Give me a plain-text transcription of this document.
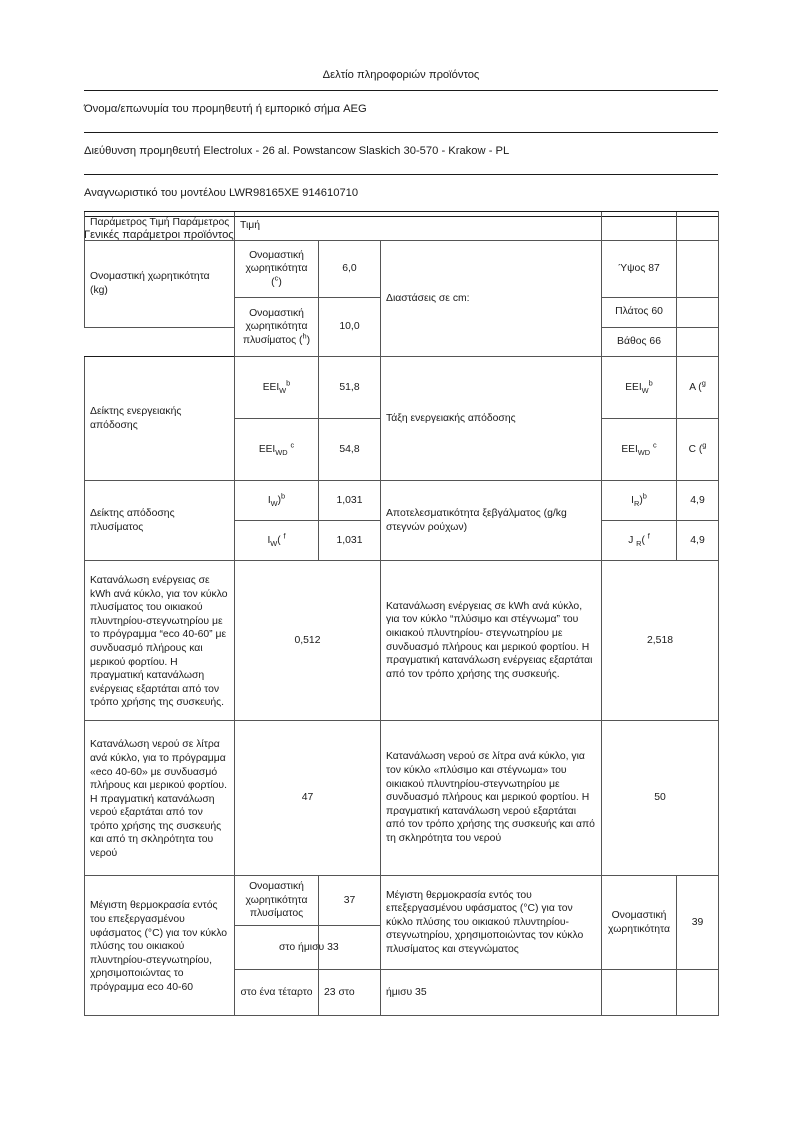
Δελτίο πληροφοριών προϊόντος
Όνομα/επωνυμία του προμηθευτή ή εμπορικό σήμα AEG
Διεύθυνση προμηθευτή Electrolux - 26 al. Powstancow Slaskich 30-570 - Krakow - PL
Αναγνωριστικό του μοντέλου LWR98165XE 914610710
Γενικές παράμετροι προϊόντος
Παράμετρος Τιμή Παράμετρος	Τιμή				
Ονομαστική χωρητικότητα (kg)	Ονομαστική χωρητικότητα ($^c$)	6,0	Διαστάσεις σε cm:	Ύψος 87	
	Ονομαστική χωρητικότητα πλυσίματος ($^h$)	10,0		Πλάτος 60	
				Βάθος 66	
Δείκτης ενεργειακής απόδοσης	$EEI_W^b$	51,8	Τάξη ενεργειακής απόδοσης	$EEI_W^b$	A ($^g$
	$EEI_{WD}$ $^c$	54,8		$EEI_{WD}$ $^c$	C ($^g$
Δείκτης απόδοσης πλυσίματος	$I_W)^b$	1,031	Αποτελεσματικότητα ξεβγάλματος (g/kg στεγνών ρούχων)	$I_R)^b$	4,9
	$I_W$( $^f$	1,031		J $_R$( $^f$	4,9
Κατανάλωση ενέργειας σε kWh ανά κύκλο, για τον κύκλο πλυσίματος του οικιακού πλυντηρίου-στεγνωτηρίου με το πρόγραμμα “eco 40-60” με συνδυασμό πλήρους και μερικού φορτίου. Η πραγματική κατανάλωση ενέργειας εξαρτάται από τον τρόπο χρήσης της συσκευής.	0,512	Κατανάλωση ενέργειας σε kWh ανά κύκλο, για τον κύκλο “πλύσιμο και στέγνωμα” του οικιακού πλυντηρίου- στεγνωτηρίου με συνδυασμό πλήρους και μερικού φορτίου. Η πραγματική κατανάλωση ενέργειας εξαρτάται από τον τρόπο χρήσης της συσκευής.	2,518
Κατανάλωση νερού σε λίτρα ανά κύκλο, για το πρόγραμμα «eco 40-60» με συνδυασμό πλήρους και μερικού φορτίου. Η πραγματική κατανάλωση νερού εξαρτάται από τον τρόπο χρήσης της συσκευής και από τη σκληρότητα του νερού	47	Κατανάλωση νερού σε λίτρα ανά κύκλο, για τον κύκλο «πλύσιμο και στέγνωμα» του οικιακού πλυντηρίου-στεγνωτηρίου με συνδυασμό πλήρους και μερικού φορτίου. Η πραγματική κατανάλωση νερού εξαρτάται από τον τρόπο χρήσης της συσκευής και από τη σκληρότητα του νερού	50
Μέγιστη θερμοκρασία εντός του επεξεργασμένου υφάσματος (°C) για τον κύκλο πλύσης του οικιακού πλυντηρίου-στεγνωτηρίου, χρησιμοποιώντας το πρόγραμμα eco 40-60	Ονομαστική χωρητικότητα πλυσίματος	37	Μέγιστη θερμοκρασία εντός του επεξεργασμένου υφάσματος (°C) για τον κύκλο πλύσης του οικιακού πλυντηρίου-στεγνωτηρίου, χρησιμοποιώντας τον κύκλο πλυσίματος και στεγνώματος	Ονομαστική χωρητικότητα	39

	στο ήμισυ 33				

	στο ένα τέταρτο	23 στο	ήμισυ 35		
